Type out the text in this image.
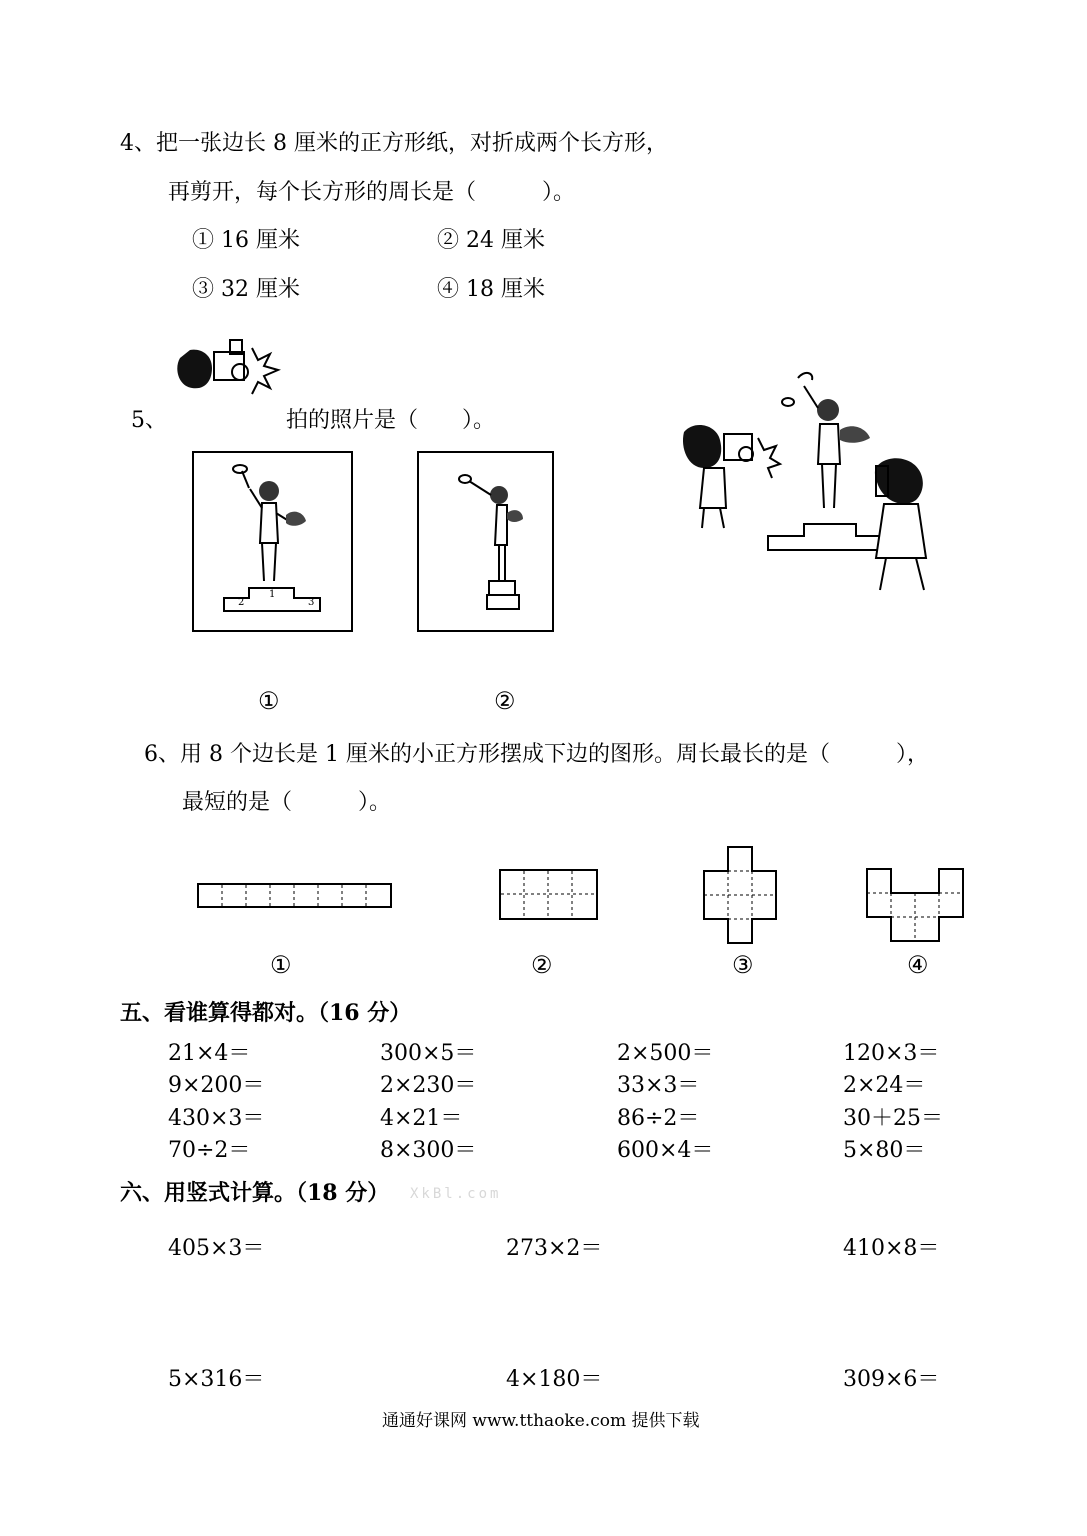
4、把一张边长 8 厘米的正方形纸，对折成两个长方形，
再剪开，每个长方形的周长是（　　　）。
① 16 厘米	② 24 厘米
③ 32 厘米	④ 18 厘米
5、	拍的照片是（　　）。
2
1
3
①	②
6、用 8 个边长是 1 厘米的小正方形摆成下边的图形。周长最长的是（　　　），
最短的是（　　　）。
①	②	③	④
五、看谁算得都对。（16 分）
21×4＝	300×5＝	2×500＝	120×3＝
9×200＝	2×230＝	33×3＝	2×24＝
430×3＝	4×21＝	86÷2＝	30＋25＝
70÷2＝	8×300＝	600×4＝	5×80＝
六、用竖式计算。（18 分） XkBl.com
405×3＝	273×2＝	410×8＝
5×316＝	4×180＝	309×6＝
通通好课网 www.tthaoke.com 提供下载
